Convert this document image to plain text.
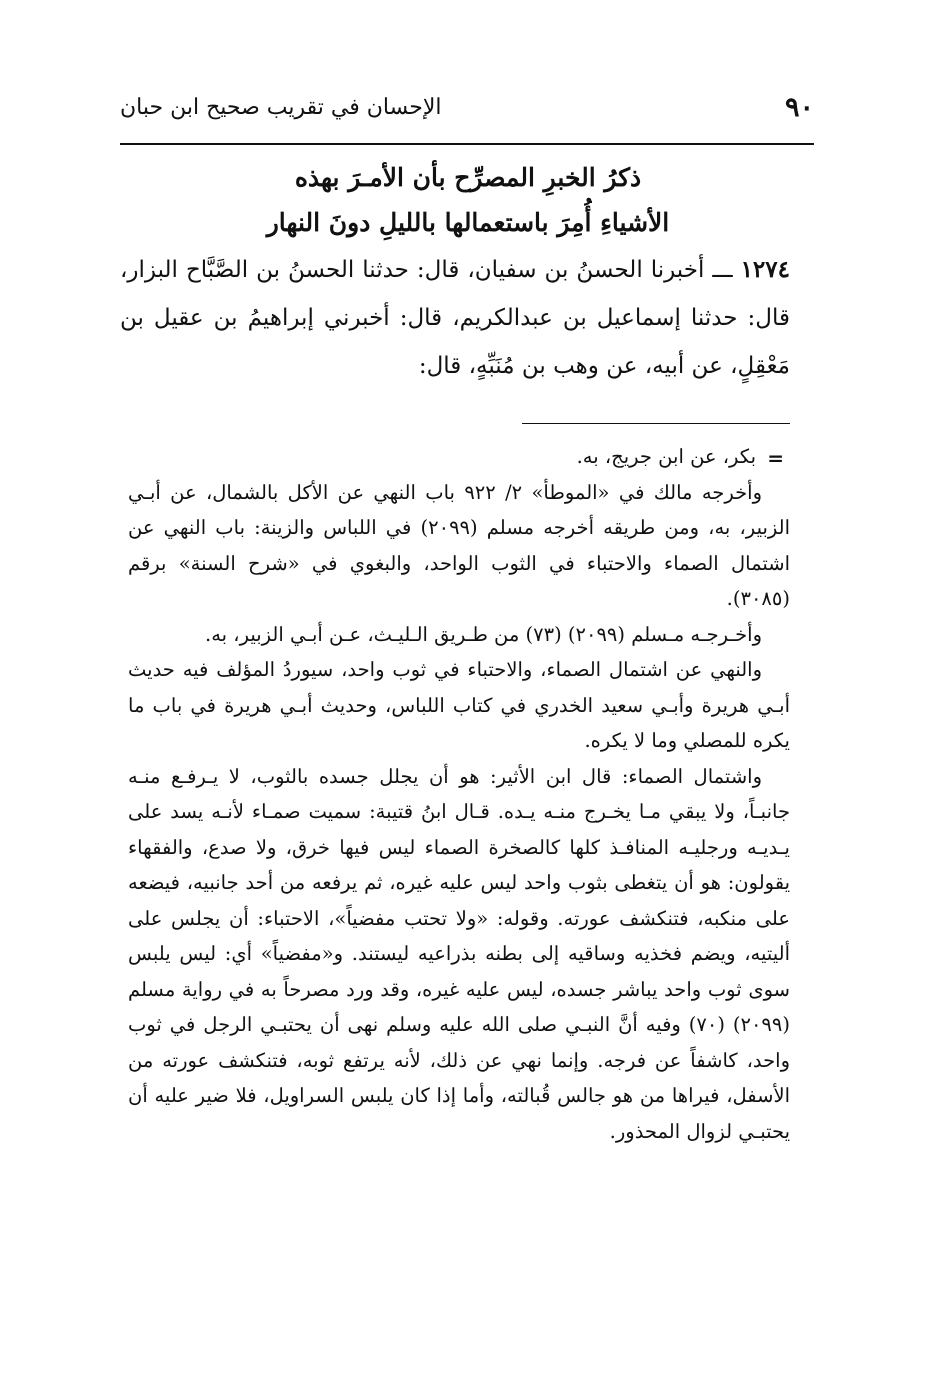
٩٠
الإحسان في تقريب صحيح ابن حبان
ذكرُ الخبرِ المصرِّح بأن الأمـرَ بهذه
الأشياءِ أُمِرَ باستعمالها بالليلِ دونَ النهار
١٢٧٤ ـــ أخبرنا الحسنُ بن سفيان، قال: حدثنا الحسنُ بن الصَّبَّاح البزار، قال: حدثنا إسماعيل بن عبدالكريم، قال: أخبرني إبراهيمُ بن عقيل بن مَعْقِلٍ، عن أبيه، عن وهب بن مُنَبِّهٍ، قال:
=

بكر، عن ابن جريج، به.

وأخرجه مالك في «الموطأ» ٢/ ٩٢٢ باب النهي عن الأكل بالشمال، عن أبـي الزبير، به، ومن طريقه أخرجه مسلم (٢٠٩٩) في اللباس والزينة: باب النهي عن اشتمال الصماء والاحتباء في الثوب الواحد، والبغوي في «شرح السنة» برقم (٣٠٨٥).

وأخـرجـه مـسلم (٢٠٩٩) (٧٣) من طـريق الـليـث، عـن أبـي الزبير، به.

والنهي عن اشتمال الصماء، والاحتباء في ثوب واحد، سيوردُ المؤلف فيه حديث أبـي هريرة وأبـي سعيد الخدري في كتاب اللباس، وحديث أبـي هريرة في باب ما يكره للمصلي وما لا يكره.

واشتمال الصماء: قال ابن الأثير: هو أن يجلل جسده بالثوب، لا يـرفـع منـه جانبـاً، ولا يبقي مـا يخـرج منـه يـده. قـال ابنُ قتيبة: سميت صمـاء لأنـه يسد على يـديـه ورجليـه المنافـذ كلها كالصخرة الصماء ليس فيها خرق، ولا صدع، والفقهاء يقولون: هو أن يتغطى بثوب واحد ليس عليه غيره، ثم يرفعه من أحد جانبيه، فيضعه على منكبه، فتنكشف عورته. وقوله: «ولا تحتب مفضياً»، الاحتباء: أن يجلس على أليتيه، ويضم فخذيه وساقيه إلى بطنه بذراعيه ليستند. و«مفضياً» أي: ليس يلبس سوى ثوب واحد يباشر جسده، ليس عليه غيره، وقد ورد مصرحاً به في رواية مسلم (٢٠٩٩) (٧٠) وفيه أنَّ النبـي صلى الله عليه وسلم نهى أن يحتبـي الرجل في ثوب واحد، كاشفاً عن فرجه. وإنما نهي عن ذلك، لأنه يرتفع ثوبه، فتنكشف عورته من الأسفل، فيراها من هو جالس قُبالته، وأما إذا كان يلبس السراويل، فلا ضير عليه أن يحتبـي لزوال المحذور.
